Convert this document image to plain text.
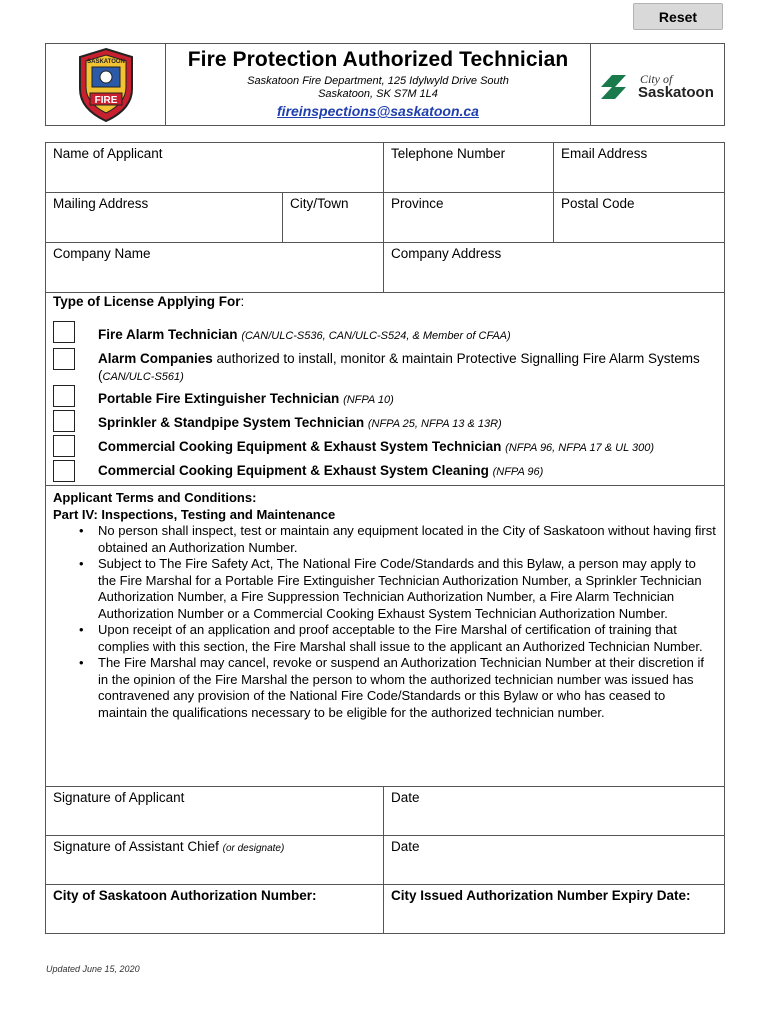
Reset
FIRE
SASKATOON	Fire Protection Authorized Technician
Saskatoon Fire Department, 125 Idylwyld Drive South
Saskatoon, SK S7M 1L4
fireinspections@saskatoon.ca
City of
Saskatoon
Name of Applicant	Telephone Number	Email Address
Mailing Address	City/Town	Province	Postal Code
Company Name	Company Address
Type of License Applying For:
Fire Alarm Technician (CAN/ULC-S536, CAN/ULC-S524, & Member of CFAA)
Alarm Companies authorized to install, monitor & maintain Protective Signalling Fire Alarm Systems
(CAN/ULC-S561)
Portable Fire Extinguisher Technician (NFPA 10)
Sprinkler & Standpipe System Technician (NFPA 25, NFPA 13 & 13R)
Commercial Cooking Equipment & Exhaust System Technician (NFPA 96, NFPA 17 & UL 300)
Commercial Cooking Equipment & Exhaust System Cleaning (NFPA 96)
Applicant Terms and Conditions:
Part IV: Inspections, Testing and Maintenance
• No person shall inspect, test or maintain any equipment located in the City of Saskatoon without having first obtained an Authorization Number.
• Subject to The Fire Safety Act, The National Fire Code/Standards and this Bylaw, a person may apply to the Fire Marshal for a Portable Fire Extinguisher Technician Authorization Number, a Sprinkler Technician Authorization Number, a Fire Suppression Technician Authorization Number, a Fire Alarm Technician Authorization Number or a Commercial Cooking Exhaust System Technician Authorization Number.
• Upon receipt of an application and proof acceptable to the Fire Marshal of certification of training that complies with this section, the Fire Marshal shall issue to the applicant an Authorized Technician Number.
• The Fire Marshal may cancel, revoke or suspend an Authorization Technician Number at their discretion if in the opinion of the Fire Marshal the person to whom the authorized technician number was issued has contravened any provision of the National Fire Code/Standards or this Bylaw or who has ceased to maintain the qualifications necessary to be eligible for the authorized technician number.
Signature of Applicant	Date
Signature of Assistant Chief (or designate)	Date
City of Saskatoon Authorization Number:	City Issued Authorization Number Expiry Date:
Updated June 15, 2020
